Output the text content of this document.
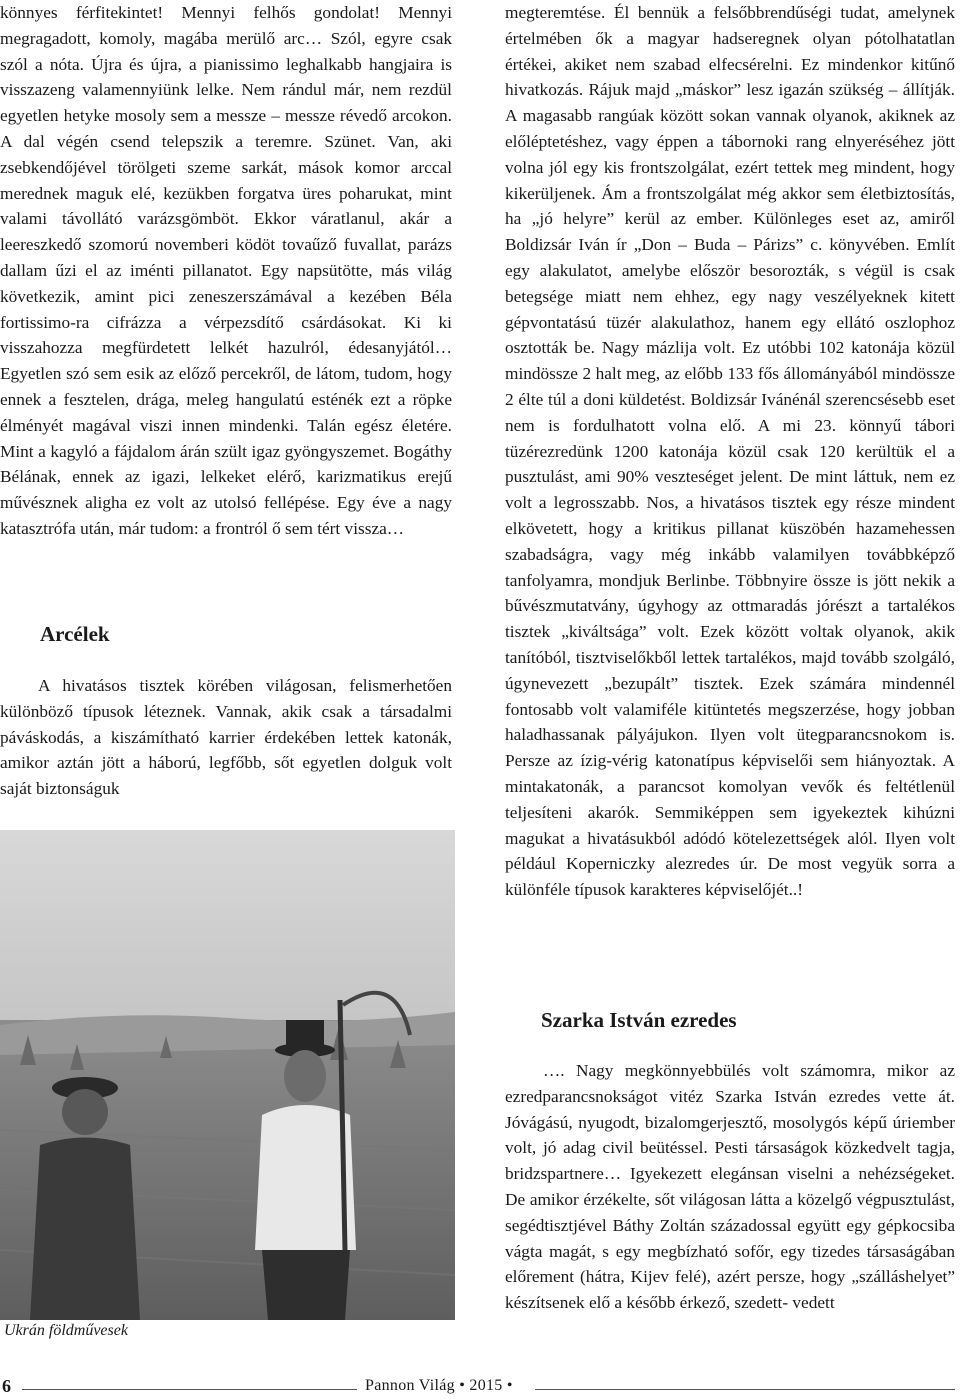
könnyes férfitekintet! Mennyi felhős gondolat! Mennyi megragadott, komoly, magába merülő arc… Szól, egyre csak szól a nóta. Újra és újra, a pianissimo leghalkabb hangjaira is visszazeng valamennyiünk lelke. Nem rándul már, nem rezdül egyetlen hetyke mosoly sem a messze – messze révedő arcokon. A dal végén csend telepszik a teremre. Szünet. Van, aki zsebkendőjével törölgeti szeme sarkát, mások komor arccal merednek maguk elé, kezükben forgatva üres poharukat, mint valami távollátó varázsgömböt. Ekkor váratlanul, akár a leereszkedő szomorú novemberi ködöt tovaűző fuvallat, parázs dallam űzi el az iménti pillanatot. Egy napsütötte, más világ következik, amint pici zeneszerszámával a kezében Béla fortissimo-ra cifrázza a vérpezsdítő csárdásokat. Ki ki visszahozza megfürdetett lelkét hazulról, édesanyjától… Egyetlen szó sem esik az előző percekről, de látom, tudom, hogy ennek a fesztelen, drága, meleg hangulatú esténék ezt a röpke élményét magával viszi innen mindenki. Talán egész életére. Mint a kagyló a fájdalom árán szült igaz gyöngyszemet. Bogáthy Bélának, ennek az igazi, lelkeket elérő, karizmatikus erejű művésznek aligha ez volt az utolsó fellépése. Egy éve a nagy katasztrófa után, már tudom: a frontról ő sem tért vissza…

Arcélek

A hivatásos tisztek körében világosan, felismerhetően különböző típusok léteznek. Vannak, akik csak a társadalmi páváskodás, a kiszámítható karrier érdekében lettek katonák, amikor aztán jött a háború, legfőbb, sőt egyetlen dolguk volt saját biztonságuk

Ukrán földművesek

megteremtése. Él bennük a felsőbbrendűségi tudat, amelynek értelmében ők a magyar hadseregnek olyan pótolhatatlan értékei, akiket nem szabad elfecsérelni. Ez mindenkor kitűnő hivatkozás. Rájuk majd „máskor” lesz igazán szükség – állítják. A magasabb rangúak között sokan vannak olyanok, akiknek az előléptetéshez, vagy éppen a tábornoki rang elnyeréséhez jött volna jól egy kis frontszolgálat, ezért tettek meg mindent, hogy kikerüljenek. Ám a frontszolgálat még akkor sem életbiztosítás, ha „jó helyre” kerül az ember. Különleges eset az, amiről Boldizsár Iván ír „Don – Buda – Párizs” c. könyvében. Említ egy alakulatot, amelybe először besorozták, s végül is csak betegsége miatt nem ehhez, egy nagy veszélyeknek kitett gépvontatású tüzér alakulathoz, hanem egy ellátó oszlophoz osztották be. Nagy mázlija volt. Ez utóbbi 102 katonája közül mindössze 2 halt meg, az előbb 133 fős állományából mindössze 2 élte túl a doni küldetést. Boldizsár Ivánénál szerencsésebb eset nem is fordulhatott volna elő. A mi 23. könnyű tábori tüzérezredünk 1200 katonája közül csak 120 kerültük el a pusztulást, ami 90% veszteséget jelent. De mint láttuk, nem ez volt a legrosszabb. Nos, a hivatásos tisztek egy része mindent elkövetett, hogy a kritikus pillanat küszöbén hazamehessen szabadságra, vagy még inkább valamilyen továbbképző tanfolyamra, mondjuk Berlinbe. Többnyire össze is jött nekik a bűvészmutatvány, úgyhogy az ottmaradás jórészt a tartalékos tisztek „kiváltsága” volt. Ezek között voltak olyanok, akik tanítóból, tisztviselőkből lettek tartalékos, majd tovább szolgáló, úgynevezett „bezupált” tisztek. Ezek számára mindennél fontosabb volt valamiféle kitüntetés megszerzése, hogy jobban haladhassanak pályájukon. Ilyen volt ütegparancsnokom is. Persze az ízig-vérig katonatípus képviselői sem hiányoztak. A mintakatonák, a parancsot komolyan vevők és feltétlenül teljesíteni akarók. Semmiképpen sem igyekeztek kihúzni magukat a hivatásukból adódó kötelezettségek alól. Ilyen volt például Koperniczky alezredes úr. De most vegyük sorra a különféle típusok karakteres képviselőjét..!

Szarka István ezredes

…. Nagy megkönnyebbülés volt számomra, mikor az ezredparancsnokságot vitéz Szarka István ezredes vette át. Jóvágású, nyugodt, bizalomgerjesztő, mosolygós képű úriember volt, jó adag civil beütéssel. Pesti társaságok közkedvelt tagja, bridzspartnere… Igyekezett elegánsan viselni a nehézségeket. De amikor érzékelte, sőt világosan látta a közelgő végpusztulást, segédtisztjével Báthy Zoltán századossal együtt egy gépkocsiba vágta magát, s egy megbízható sofőr, egy tizedes társaságában előrement (hátra, Kijev felé), azért persze, hogy „szálláshelyet” készítsenek elő a később érkező, szedett- vedett

6	Pannon Világ • 2015 •
